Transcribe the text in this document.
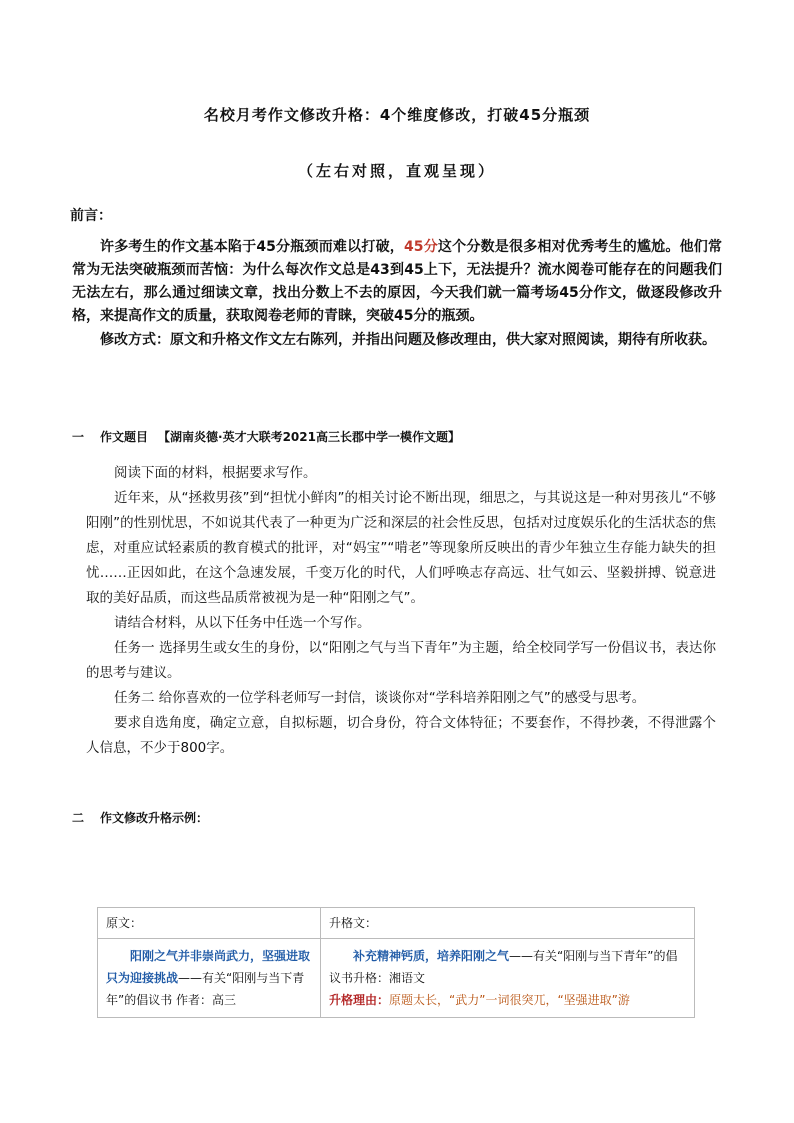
名校月考作文修改升格：4个维度修改，打破45分瓶颈
（左右对照，直观呈现）
前言：
许多考生的作文基本陷于45分瓶颈而难以打破，45分这个分数是很多相对优秀考生的尴尬。他们常常为无法突破瓶颈而苦恼：为什么每次作文总是43到45上下，无法提升？流水阅卷可能存在的问题我们无法左右，那么通过细读文章，找出分数上不去的原因，今天我们就一篇考场45分作文，做逐段修改升格，来提高作文的质量，获取阅卷老师的青睐，突破45分的瓶颈。
修改方式：原文和升格文作文左右陈列，并指出问题及修改理由，供大家对照阅读，期待有所收获。
一 作文题目 【湖南炎德·英才大联考2021高三长郡中学一模作文题】

阅读下面的材料，根据要求写作。

近年来，从“拯救男孩”到“担忧小鲜肉”的相关讨论不断出现，细思之，与其说这是一种对男孩儿“不够阳刚”的性别忧思，不如说其代表了一种更为广泛和深层的社会性反思，包括对过度娱乐化的生活状态的焦虑，对重应试轻素质的教育模式的批评，对“妈宝”“啃老”等现象所反映出的青少年独立生存能力缺失的担忧……正因如此，在这个急速发展，千变万化的时代，人们呼唤志存高远、壮气如云、坚毅拼搏、锐意进取的美好品质，而这些品质常被视为是一种“阳刚之气”。

请结合材料，从以下任务中任选一个写作。

任务一 选择男生或女生的身份，以“阳刚之气与当下青年”为主题，给全校同学写一份倡议书，表达你的思考与建议。

任务二 给你喜欢的一位学科老师写一封信，谈谈你对“学科培养阳刚之气”的感受与思考。

要求自选角度，确定立意，自拟标题，切合身份，符合文体特征；不要套作，不得抄袭，不得泄露个人信息，不少于800字。

二 作文修改升格示例：
原文：	升格文：

阳刚之气并非崇尚武力，坚强进取只为迎接挑战——有关“阳刚与当下青年”的倡议书 作者：高三	补充精神钙质，培养阳刚之气——有关“阳刚与当下青年”的倡议书升格：湘语文
升格理由：原题太长，“武力”一词很突兀，“坚强进取”游
